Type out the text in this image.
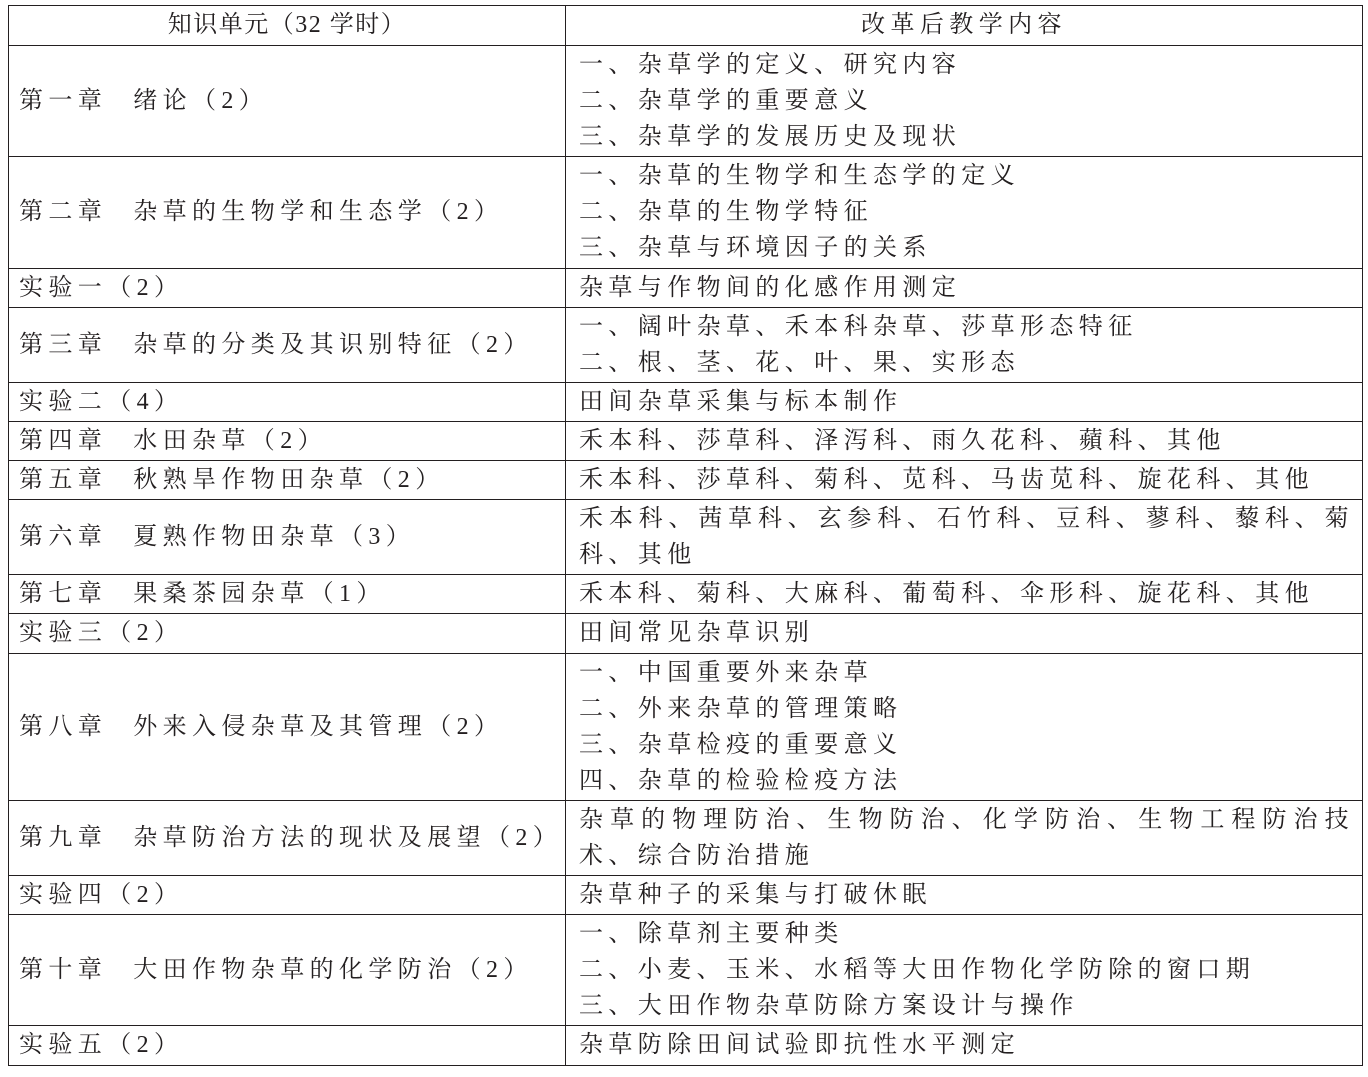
知识单元（32 学时）	改革后教学内容
第一章 绪论（2）	一、杂草学的定义、研究内容
二、杂草学的重要意义
三、杂草学的发展历史及现状

第二章 杂草的生物学和生态学（2）	一、杂草的生物学和生态学的定义
二、杂草的生物学特征
三、杂草与环境因子的关系

实验一（2）	杂草与作物间的化感作用测定

第三章 杂草的分类及其识别特征（2）	一、阔叶杂草、禾本科杂草、莎草形态特征
二、根、茎、花、叶、果、实形态

实验二（4）	田间杂草采集与标本制作

第四章 水田杂草（2）	禾本科、莎草科、泽泻科、雨久花科、蘋科、其他

第五章 秋熟旱作物田杂草（2）	禾本科、莎草科、菊科、苋科、马齿苋科、旋花科、其他

第六章 夏熟作物田杂草（3）	禾本科、茜草科、玄参科、石竹科、豆科、蓼科、藜科、菊科、其他

第七章 果桑茶园杂草（1）	禾本科、菊科、大麻科、葡萄科、伞形科、旋花科、其他

实验三（2）	田间常见杂草识别

第八章 外来入侵杂草及其管理（2）	一、中国重要外来杂草
二、外来杂草的管理策略
三、杂草检疫的重要意义
四、杂草的检验检疫方法

第九章 杂草防治方法的现状及展望（2）	杂草的物理防治、生物防治、化学防治、生物工程防治技术、综合防治措施

实验四（2）	杂草种子的采集与打破休眠

第十章 大田作物杂草的化学防治（2）	一、除草剂主要种类
二、小麦、玉米、水稻等大田作物化学防除的窗口期
三、大田作物杂草防除方案设计与操作

实验五（2）	杂草防除田间试验即抗性水平测定
